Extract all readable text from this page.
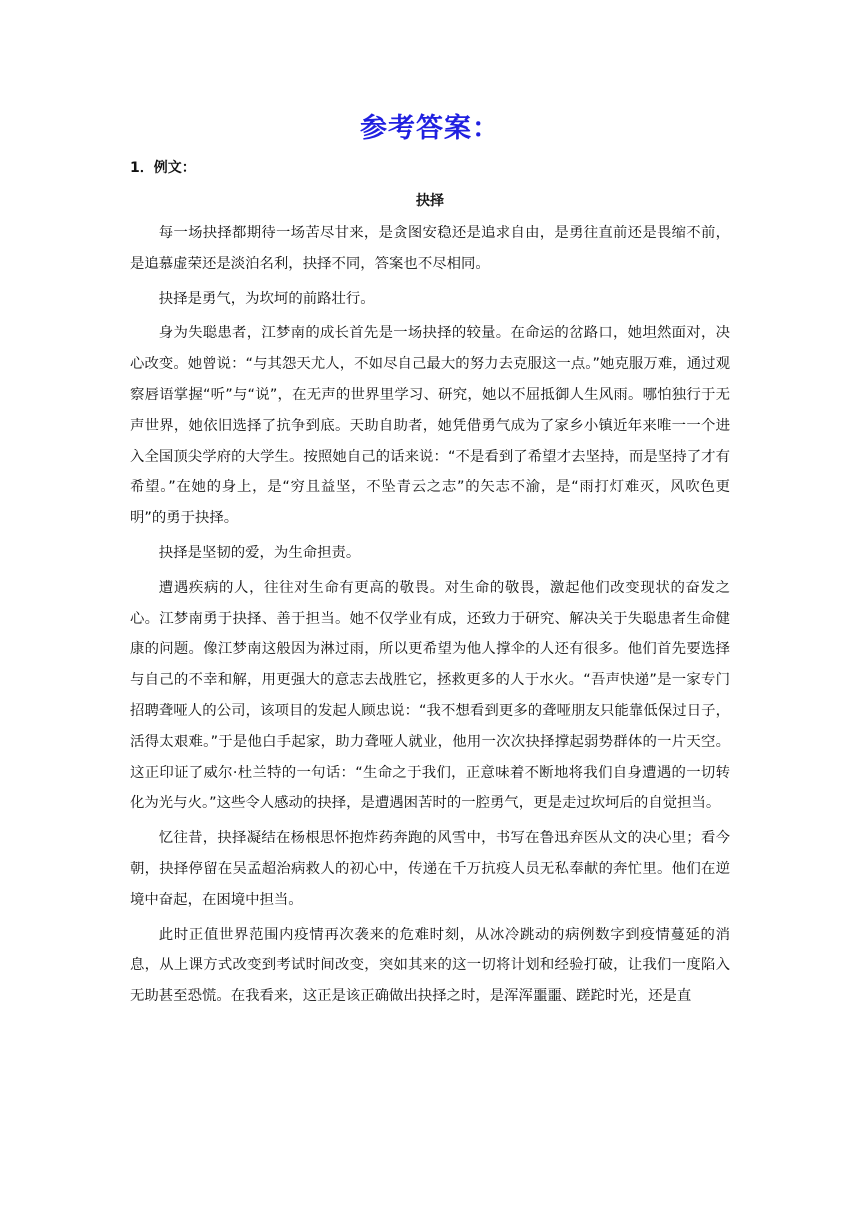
参考答案：
1．例文：
抉择

每一场抉择都期待一场苦尽甘来，是贪图安稳还是追求自由，是勇往直前还是畏缩不前，是追慕虚荣还是淡泊名利，抉择不同，答案也不尽相同。

抉择是勇气，为坎坷的前路壮行。

身为失聪患者，江梦南的成长首先是一场抉择的较量。在命运的岔路口，她坦然面对，决心改变。她曾说：“与其怨天尤人，不如尽自己最大的努力去克服这一点。”她克服万难，通过观察唇语掌握“听”与“说”，在无声的世界里学习、研究，她以不屈抵御人生风雨。哪怕独行于无声世界，她依旧选择了抗争到底。天助自助者，她凭借勇气成为了家乡小镇近年来唯一一个进入全国顶尖学府的大学生。按照她自己的话来说：“不是看到了希望才去坚持，而是坚持了才有希望。”在她的身上，是“穷且益坚，不坠青云之志”的矢志不渝，是“雨打灯难灭，风吹色更明”的勇于抉择。

抉择是坚韧的爱，为生命担责。

遭遇疾病的人，往往对生命有更高的敬畏。对生命的敬畏，激起他们改变现状的奋发之心。江梦南勇于抉择、善于担当。她不仅学业有成，还致力于研究、解决关于失聪患者生命健康的问题。像江梦南这般因为淋过雨，所以更希望为他人撑伞的人还有很多。他们首先要选择与自己的不幸和解，用更强大的意志去战胜它，拯救更多的人于水火。“吾声快递”是一家专门招聘聋哑人的公司，该项目的发起人顾忠说：“我不想看到更多的聋哑朋友只能靠低保过日子，活得太艰难。”于是他白手起家，助力聋哑人就业，他用一次次抉择撑起弱势群体的一片天空。这正印证了威尔·杜兰特的一句话：“生命之于我们，正意味着不断地将我们自身遭遇的一切转化为光与火。”这些令人感动的抉择，是遭遇困苦时的一腔勇气，更是走过坎坷后的自觉担当。

忆往昔，抉择凝结在杨根思怀抱炸药奔跑的风雪中，书写在鲁迅弃医从文的决心里；看今朝，抉择停留在吴孟超治病救人的初心中，传递在千万抗疫人员无私奉献的奔忙里。他们在逆境中奋起，在困境中担当。

此时正值世界范围内疫情再次袭来的危难时刻，从冰冷跳动的病例数字到疫情蔓延的消息，从上课方式改变到考试时间改变，突如其来的这一切将计划和经验打破，让我们一度陷入无助甚至恐慌。在我看来，这正是该正确做出抉择之时，是浑浑噩噩、蹉跎时光，还是直
